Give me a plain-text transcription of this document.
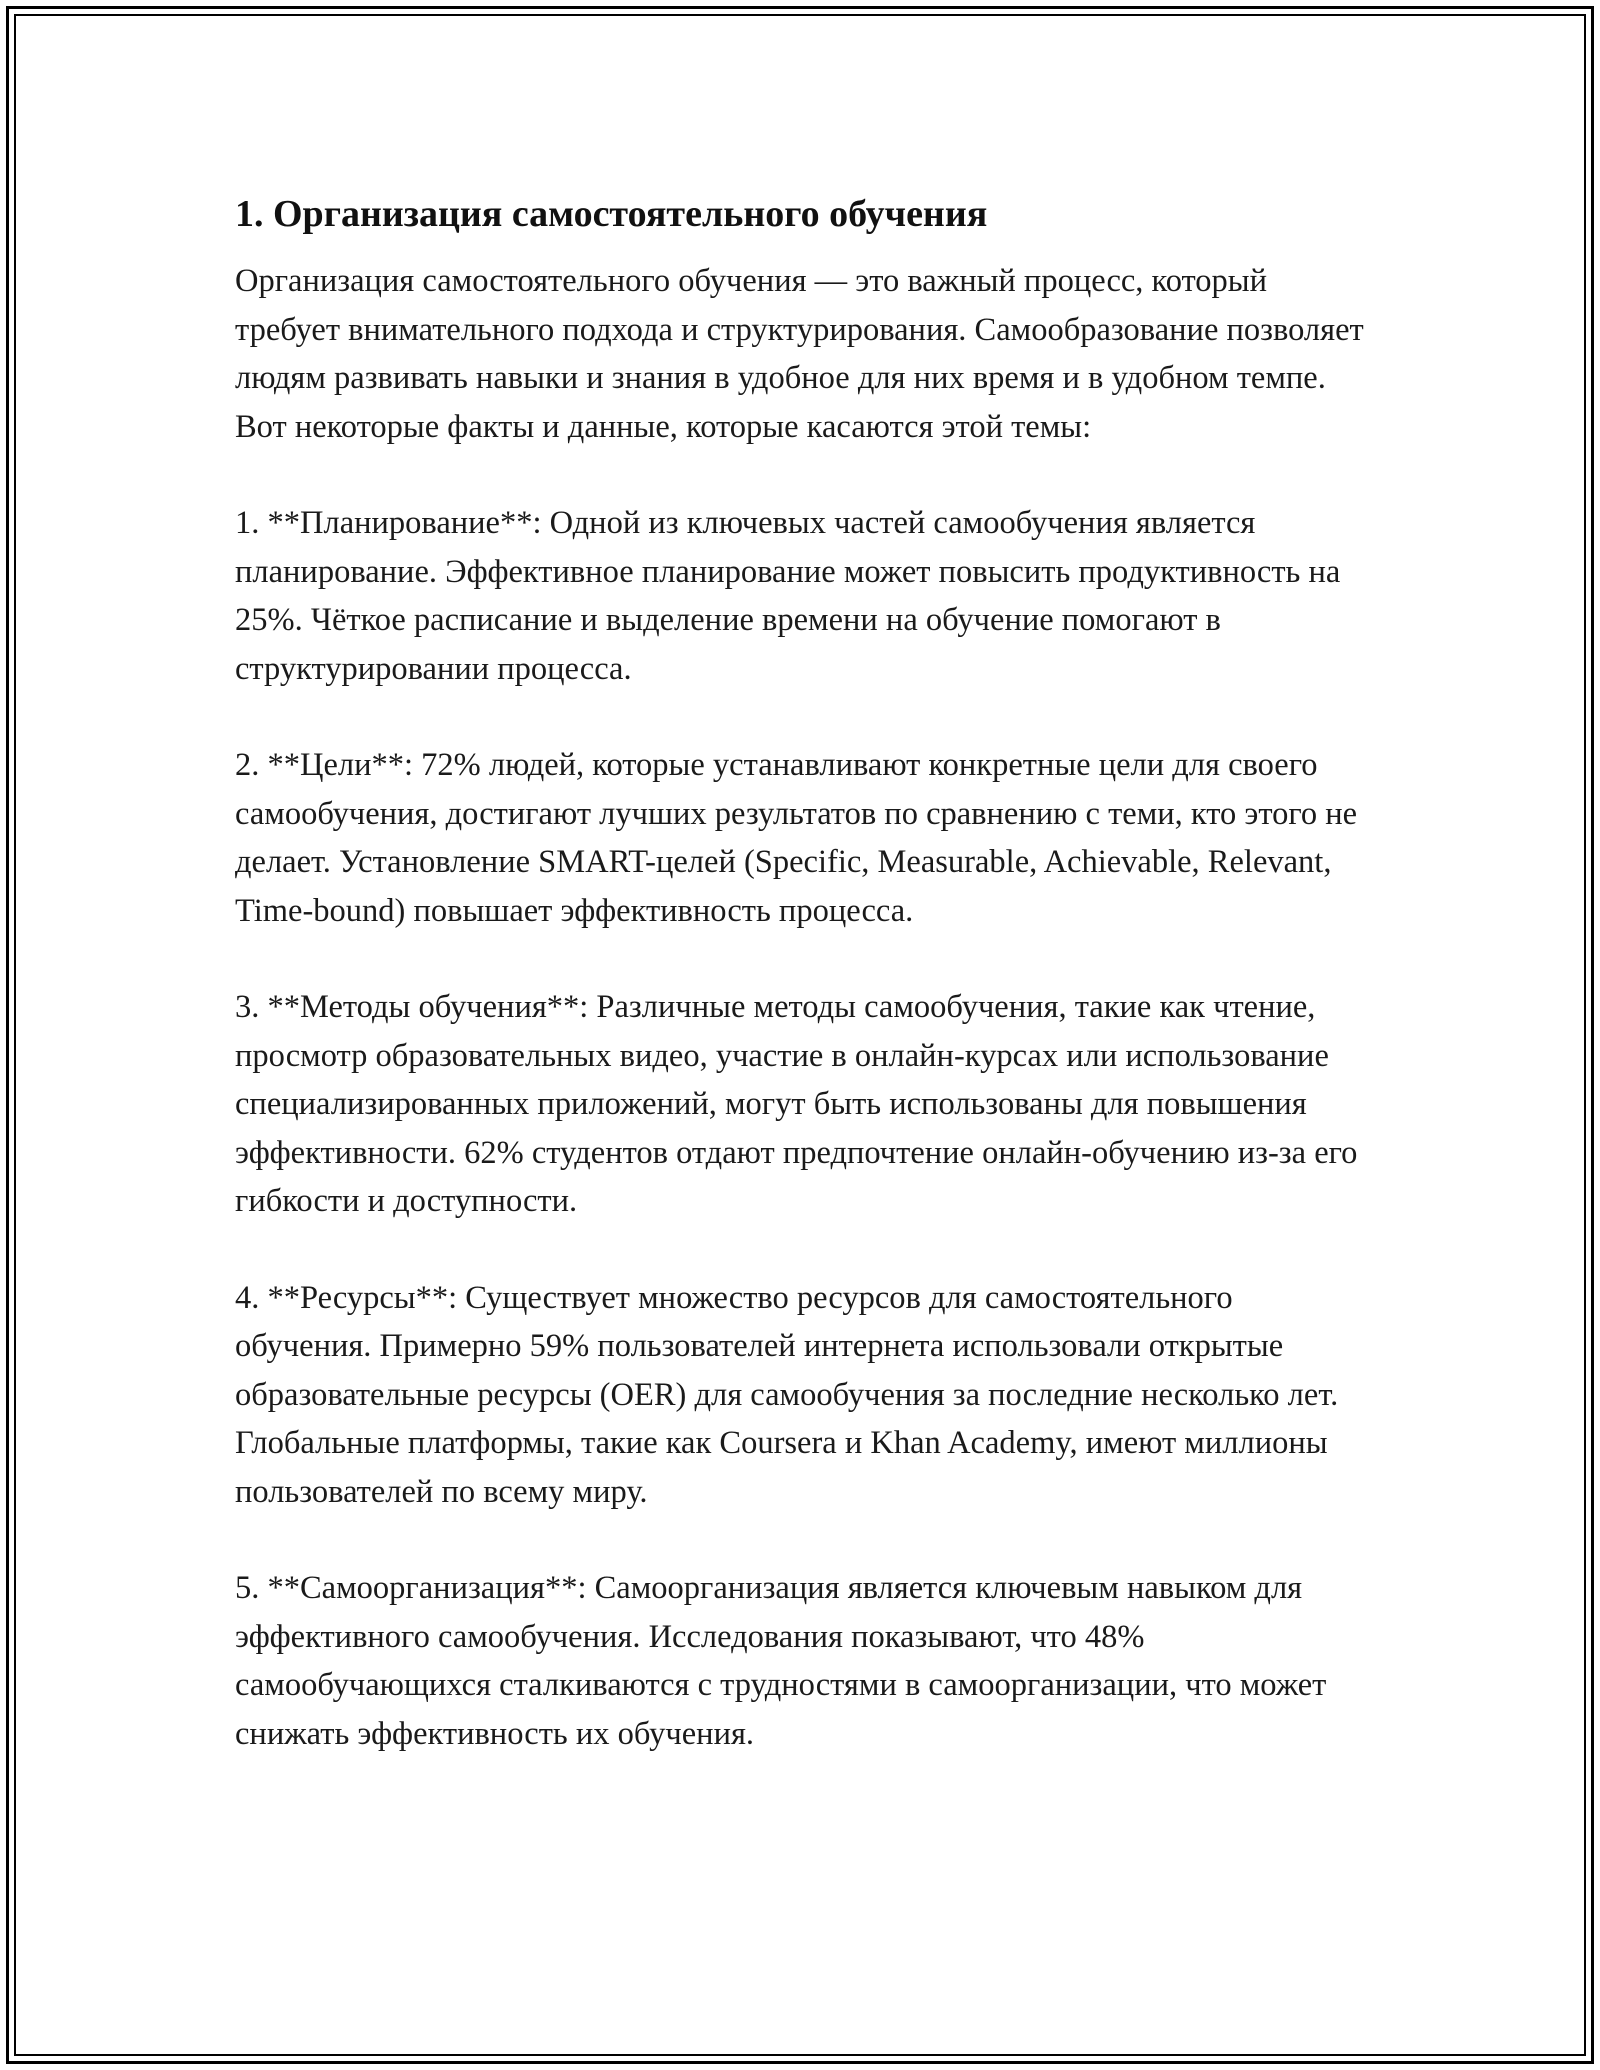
1. Организация самостоятельного обучения

Организация самостоятельного обучения — это важный процесс, который требует внимательного подхода и структурирования. Самообразование позволяет людям развивать навыки и знания в удобное для них время и в удобном темпе. Вот некоторые факты и данные, которые касаются этой темы:

1. **Планирование**: Одной из ключевых частей самообучения является планирование. Эффективное планирование может повысить продуктивность на 25%. Чёткое расписание и выделение времени на обучение помогают в структурировании процесса.

2. **Цели**: 72% людей, которые устанавливают конкретные цели для своего самообучения, достигают лучших результатов по сравнению с теми, кто этого не делает. Установление SMART-целей (Specific, Measurable, Achievable, Relevant, Time-bound) повышает эффективность процесса.

3. **Методы обучения**: Различные методы самообучения, такие как чтение, просмотр образовательных видео, участие в онлайн-курсах или использование специализированных приложений, могут быть использованы для повышения эффективности. 62% студентов отдают предпочтение онлайн-обучению из-за его гибкости и доступности.

4. **Ресурсы**: Существует множество ресурсов для самостоятельного обучения. Примерно 59% пользователей интернета использовали открытые образовательные ресурсы (OER) для самообучения за последние несколько лет. Глобальные платформы, такие как Coursera и Khan Academy, имеют миллионы пользователей по всему миру.

5. **Самоорганизация**: Самоорганизация является ключевым навыком для эффективного самообучения. Исследования показывают, что 48% самообучающихся сталкиваются с трудностями в самоорганизации, что может снижать эффективность их обучения.
